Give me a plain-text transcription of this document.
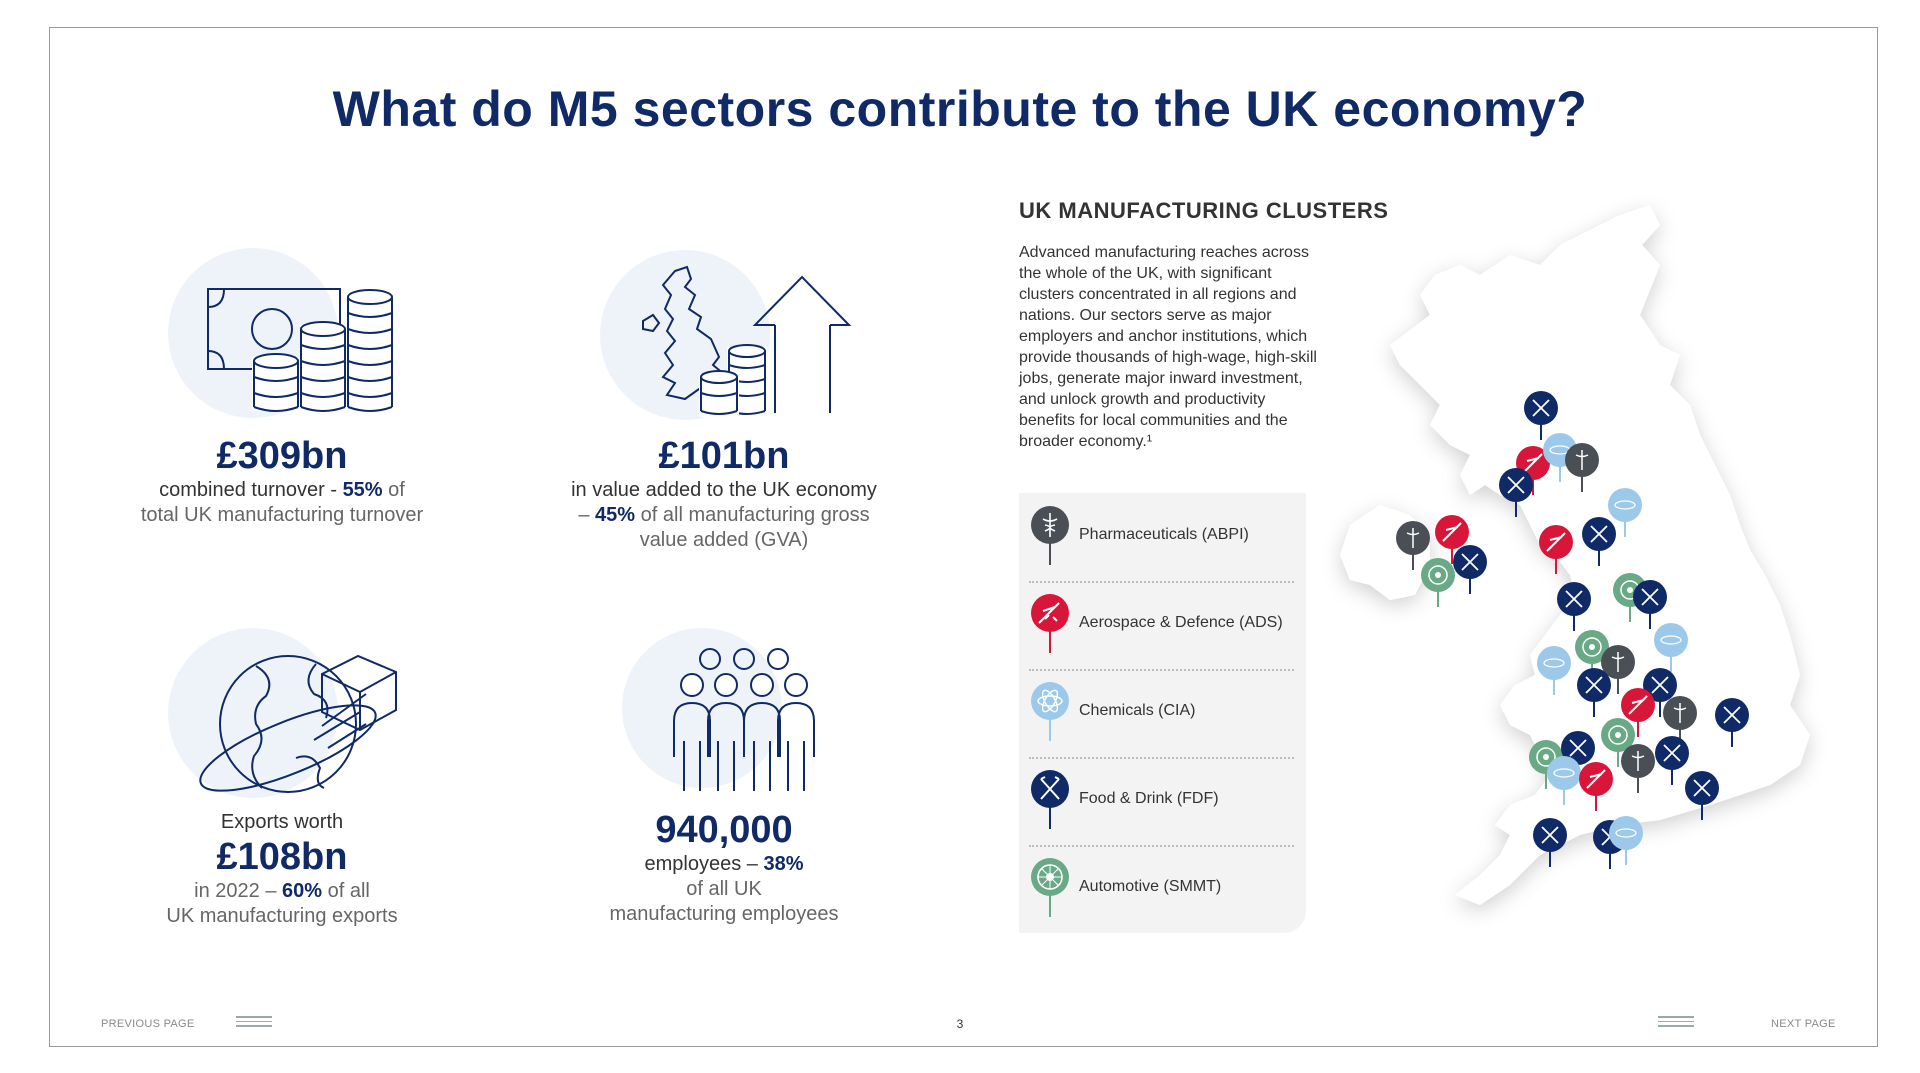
What do M5 sectors contribute to the UK economy?
£309bn
combined turnover - 55% of
total UK manufacturing turnover
£101bn
in value added to the UK economy
– 45% of all manufacturing gross
value added (GVA)
Exports worth
£108bn
in 2022 – 60% of all
UK manufacturing exports
940,000
employees – 38%
of all UK
manufacturing employees
UK MANUFACTURING CLUSTERS
Advanced manufacturing reaches across the whole of the UK, with significant clusters concentrated in all regions and nations. Our sectors serve as major employers and anchor institutions, which provide thousands of high-wage, high-skill jobs, generate major inward investment, and unlock growth and productivity benefits for local communities and the broader economy.¹
Pharmaceuticals (ABPI)
Aerospace & Defence (ADS)
Chemicals (CIA)
Food & Drink (FDF)
Automotive (SMMT)
PREVIOUS PAGE	3	NEXT PAGE
